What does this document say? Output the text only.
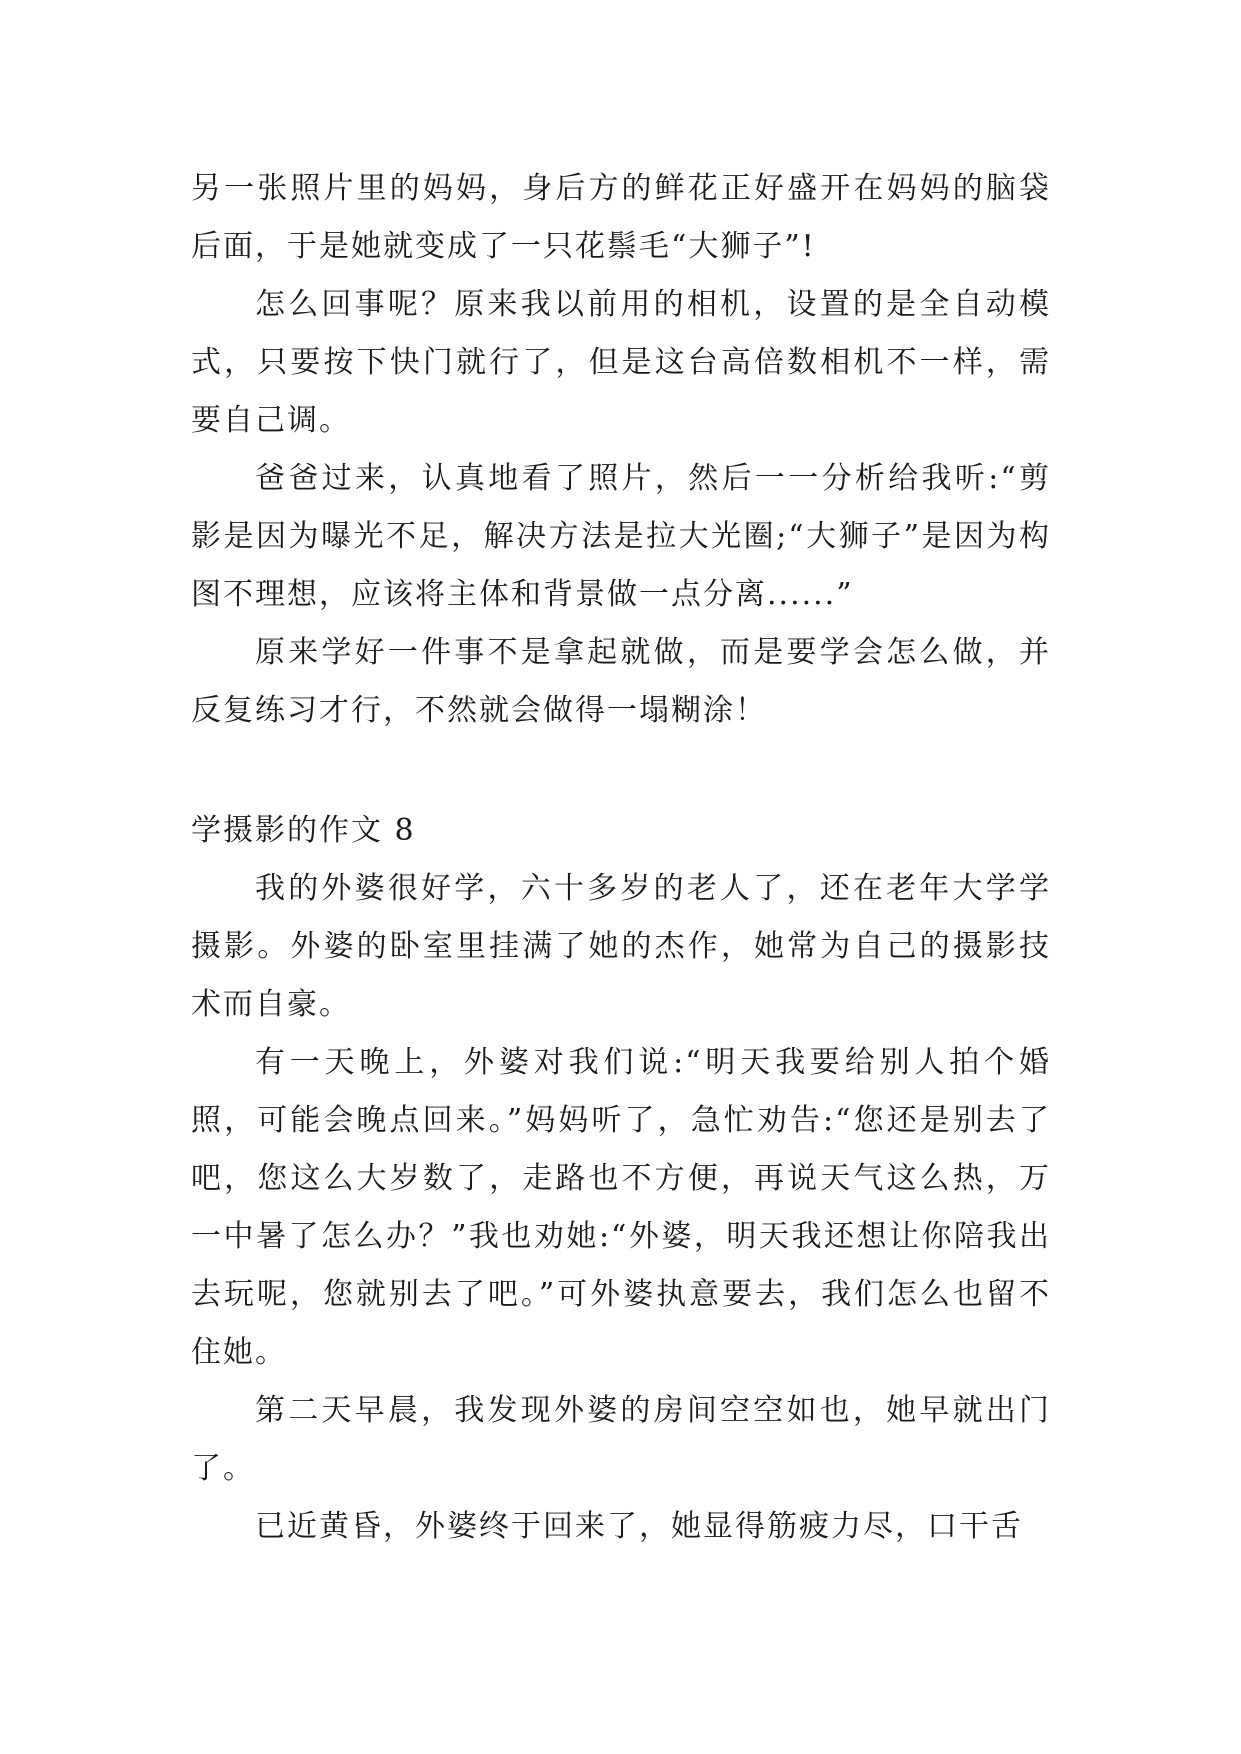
另一张照片里的妈妈，身后方的鲜花正好盛开在妈妈的脑袋后面，于是她就变成了一只花鬃毛“大狮子”!

怎么回事呢？原来我以前用的相机，设置的是全自动模式，只要按下快门就行了，但是这台高倍数相机不一样，需要自己调。

爸爸过来，认真地看了照片，然后一一分析给我听:“剪影是因为曝光不足，解决方法是拉大光圈;“大狮子”是因为构图不理想，应该将主体和背景做一点分离......”

原来学好一件事不是拿起就做，而是要学会怎么做，并反复练习才行，不然就会做得一塌糊涂！

学摄影的作文 8

我的外婆很好学，六十多岁的老人了，还在老年大学学摄影。外婆的卧室里挂满了她的杰作，她常为自己的摄影技术而自豪。

有一天晚上，外婆对我们说:“明天我要给别人拍个婚照，可能会晚点回来。”妈妈听了，急忙劝告:“您还是别去了吧，您这么大岁数了，走路也不方便，再说天气这么热，万一中暑了怎么办？”我也劝她:“外婆，明天我还想让你陪我出去玩呢，您就别去了吧。”可外婆执意要去，我们怎么也留不住她。

第二天早晨，我发现外婆的房间空空如也，她早就出门了。

已近黄昏，外婆终于回来了，她显得筋疲力尽，口干舌
